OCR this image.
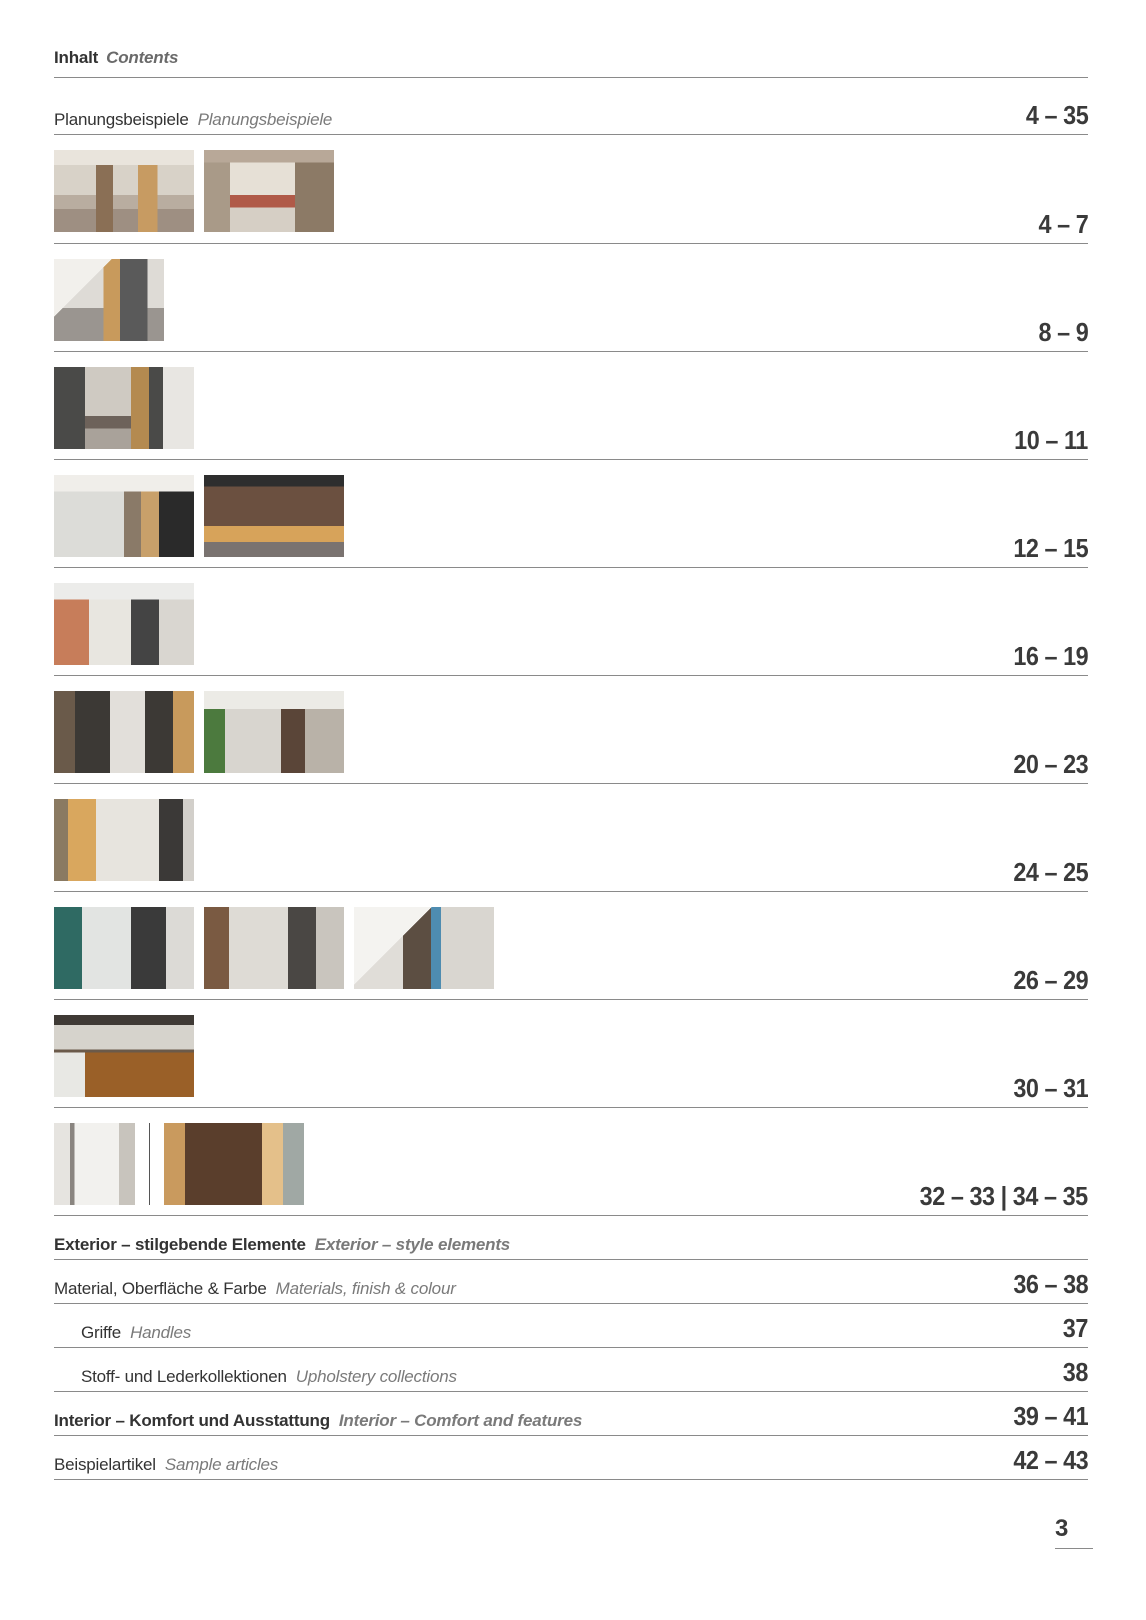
Inhalt Contents
Planungsbeispiele Planungsbeispiele	4 – 35
4 – 7
8 – 9
10 – 11
12 – 15
16 – 19
20 – 23
24 – 25
26 – 29
30 – 31
32 – 33 | 34 – 35
Exterior – stilgebende Elemente Exterior – style elements
Material, Oberfläche & Farbe Materials, finish & colour	36 – 38
Griffe Handles	37
Stoff- und Lederkollektionen Upholstery collections	38
Interior – Komfort und Ausstattung Interior – Comfort and features	39 – 41
Beispielartikel Sample articles	42 – 43
3
